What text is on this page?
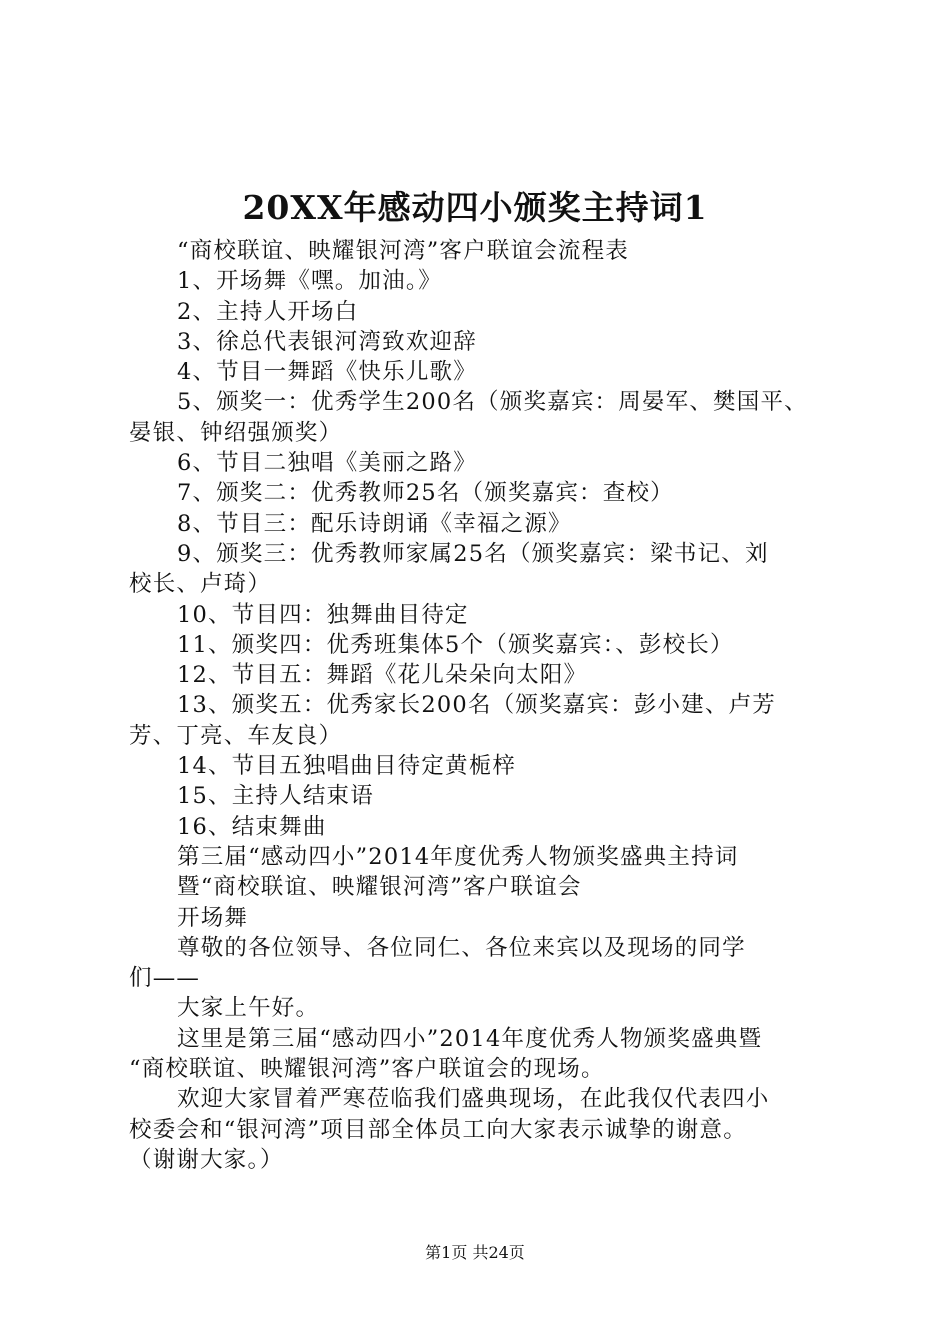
20XX年感动四小颁奖主持词1
“商校联谊、映耀银河湾”客户联谊会流程表
1、开场舞《嘿。加油。》
2、主持人开场白
3、徐总代表银河湾致欢迎辞
4、节目一舞蹈《快乐儿歌》
5、颁奖一：优秀学生200名（颁奖嘉宾：周晏军、樊国平、
晏银、钟绍强颁奖）
6、节目二独唱《美丽之路》
7、颁奖二：优秀教师25名（颁奖嘉宾：查校）
8、节目三：配乐诗朗诵《幸福之源》
9、颁奖三：优秀教师家属25名（颁奖嘉宾：梁书记、刘
校长、卢琦）
10、节目四：独舞曲目待定
11、颁奖四：优秀班集体5个（颁奖嘉宾：、彭校长）
12、节目五：舞蹈《花儿朵朵向太阳》
13、颁奖五：优秀家长200名（颁奖嘉宾：彭小建、卢芳
芳、丁亮、车友良）
14、节目五独唱曲目待定黄栀梓
15、主持人结束语
16、结束舞曲
第三届“感动四小”2014年度优秀人物颁奖盛典主持词
暨“商校联谊、映耀银河湾”客户联谊会
开场舞
尊敬的各位领导、各位同仁、各位来宾以及现场的同学
们——
大家上午好。
这里是第三届“感动四小”2014年度优秀人物颁奖盛典暨
“商校联谊、映耀银河湾”客户联谊会的现场。
欢迎大家冒着严寒莅临我们盛典现场，在此我仅代表四小
校委会和“银河湾”项目部全体员工向大家表示诚挚的谢意。
（谢谢大家。）
第1页 共24页
